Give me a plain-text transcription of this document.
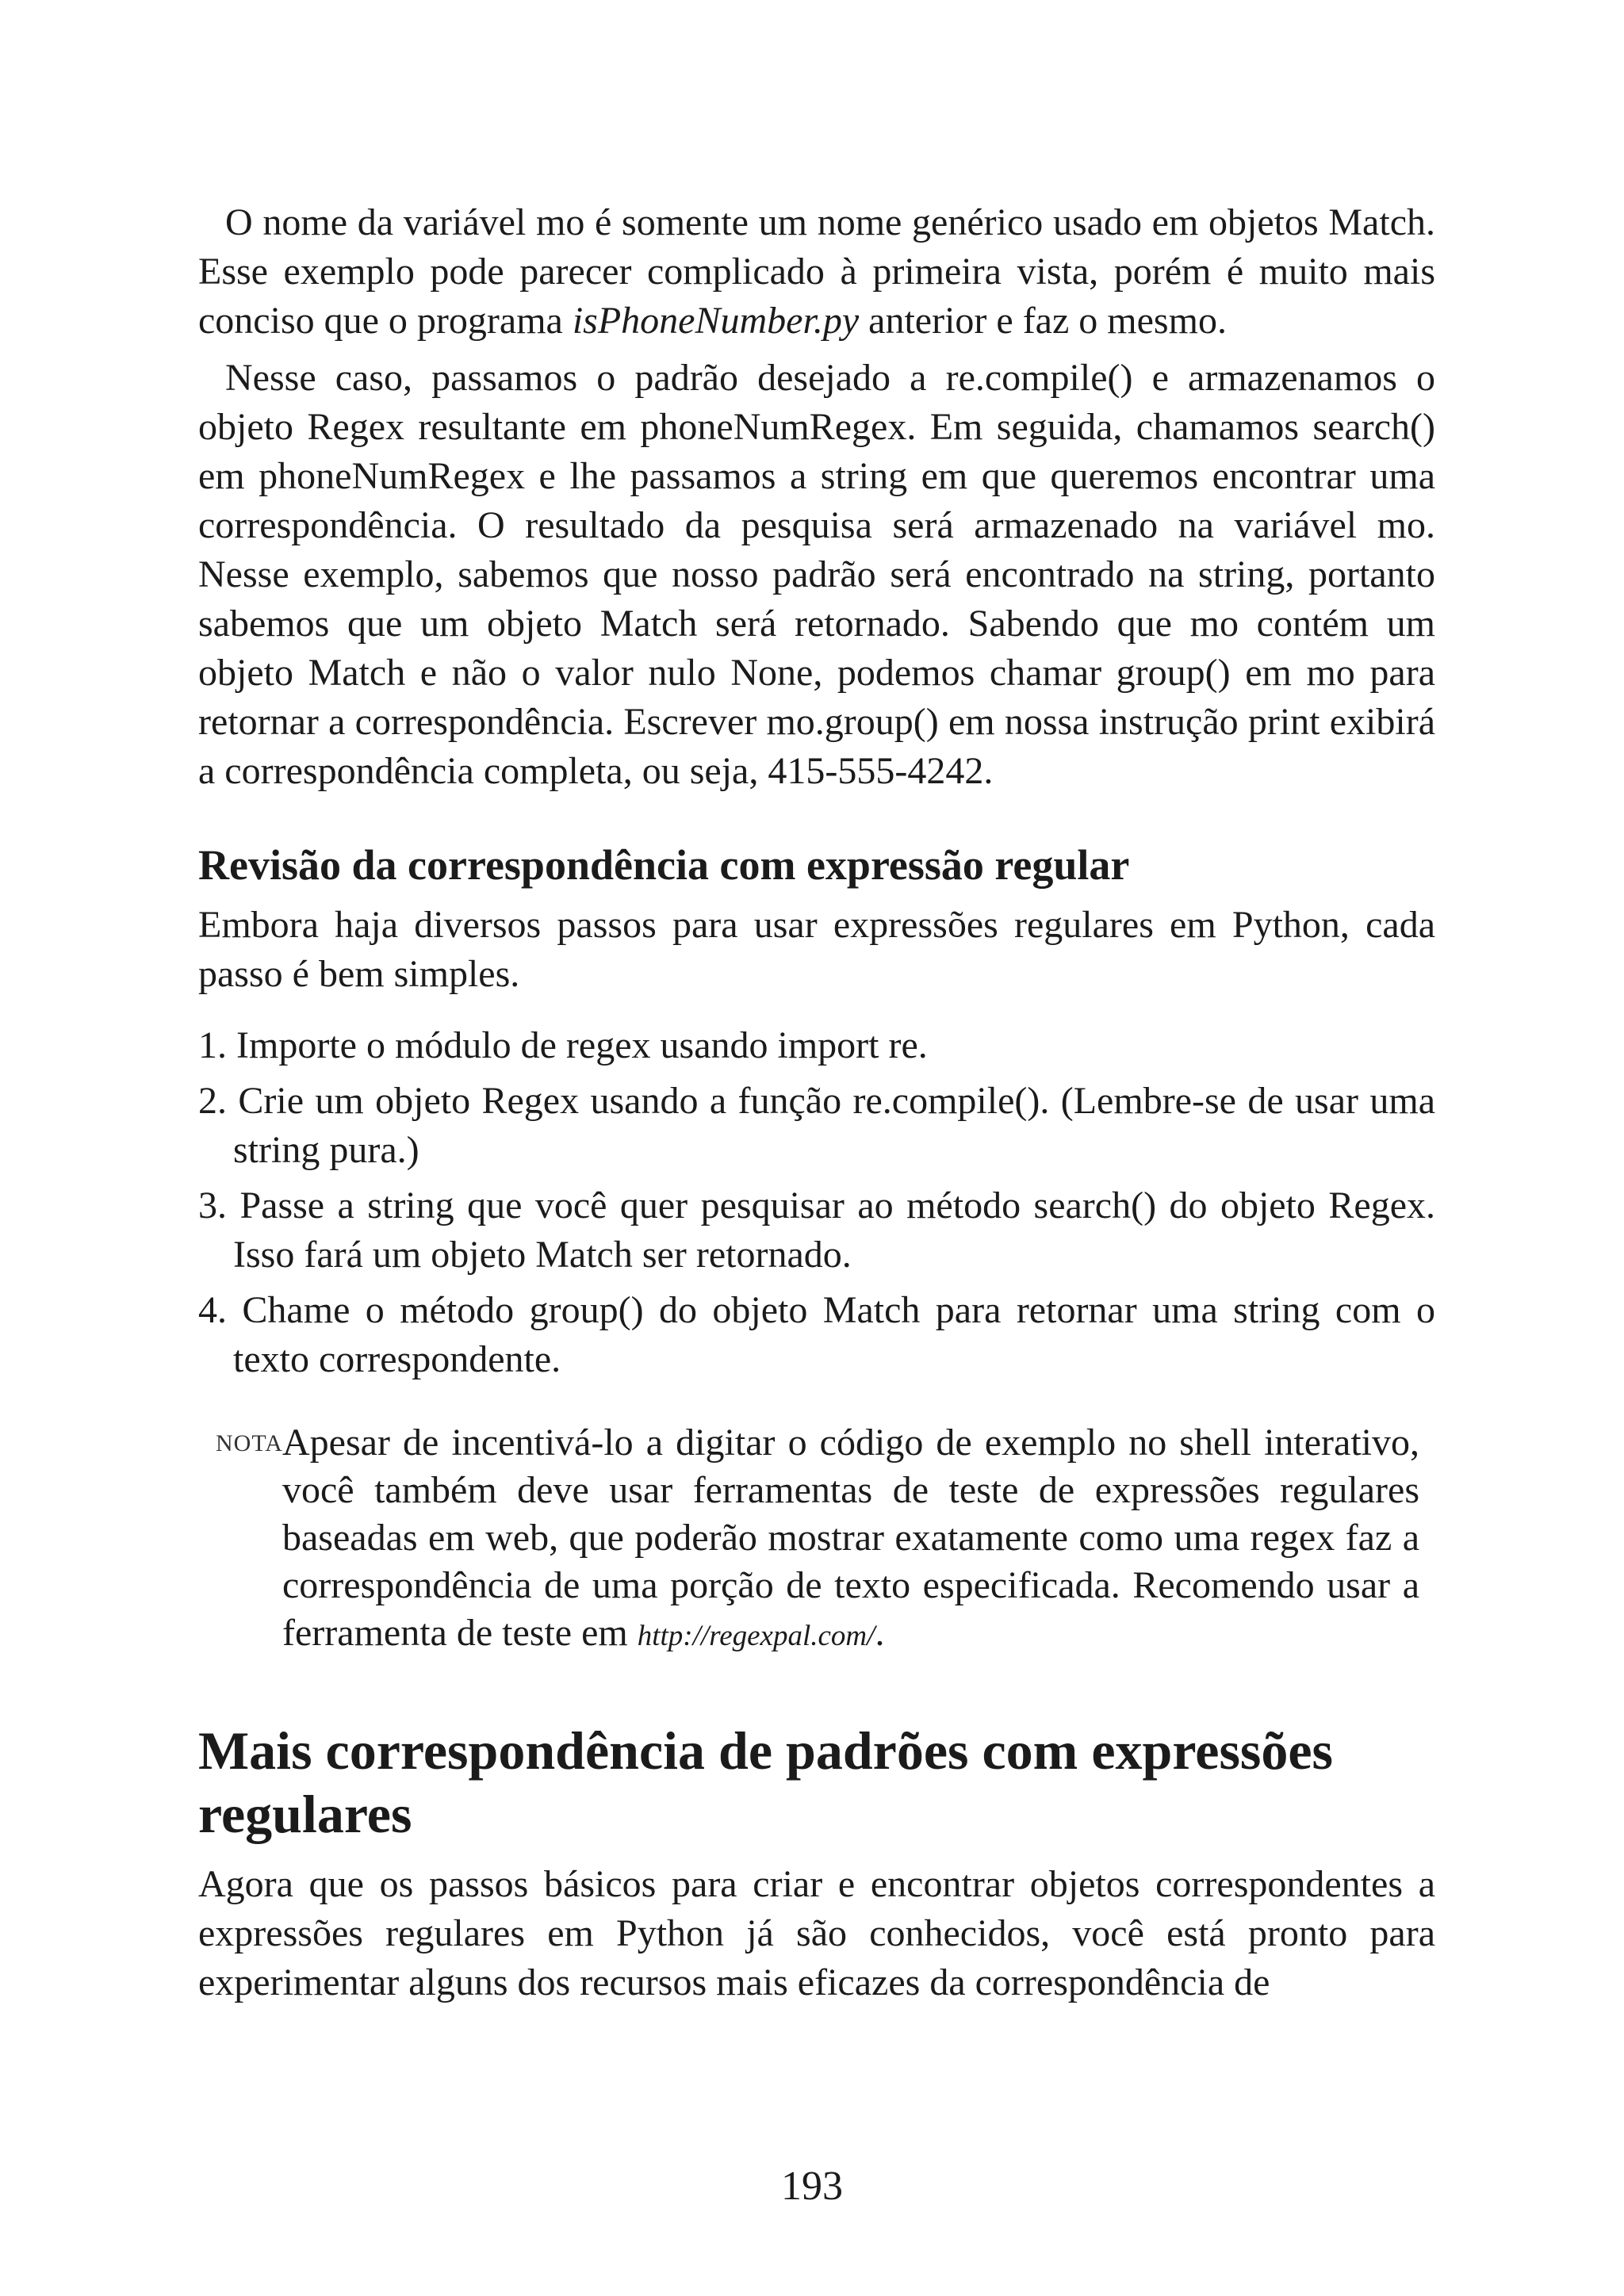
O nome da variável mo é somente um nome genérico usado em objetos Match. Esse exemplo pode parecer complicado à primeira vista, porém é muito mais conciso que o programa isPhoneNumber.py anterior e faz o mesmo.

Nesse caso, passamos o padrão desejado a re.compile() e armazenamos o objeto Regex resultante em phoneNumRegex. Em seguida, chamamos search() em phoneNumRegex e lhe passamos a string em que queremos encontrar uma correspondência. O resultado da pesquisa será armazenado na variável mo. Nesse exemplo, sabemos que nosso padrão será encontrado na string, portanto sabemos que um objeto Match será retornado. Sabendo que mo contém um objeto Match e não o valor nulo None, podemos chamar group() em mo para retornar a correspondência. Escrever mo.group() em nossa instrução print exibirá a correspondência completa, ou seja, 415-555-4242.

Revisão da correspondência com expressão regular

Embora haja diversos passos para usar expressões regulares em Python, cada passo é bem simples.

1. Importe o módulo de regex usando import re.
2. Crie um objeto Regex usando a função re.compile(). (Lembre-se de usar uma string pura.)
3. Passe a string que você quer pesquisar ao método search() do objeto Regex. Isso fará um objeto Match ser retornado.
4. Chame o método group() do objeto Match para retornar uma string com o texto correspondente.
NOTA Apesar de incentivá-lo a digitar o código de exemplo no shell interativo, você também deve usar ferramentas de teste de expressões regulares baseadas em web, que poderão mostrar exatamente como uma regex faz a correspondência de uma porção de texto especificada. Recomendo usar a ferramenta de teste em http://regexpal.com/.

Mais correspondência de padrões com expressões regulares

Agora que os passos básicos para criar e encontrar objetos correspondentes a expressões regulares em Python já são conhecidos, você está pronto para experimentar alguns dos recursos mais eficazes da correspondência de

193
